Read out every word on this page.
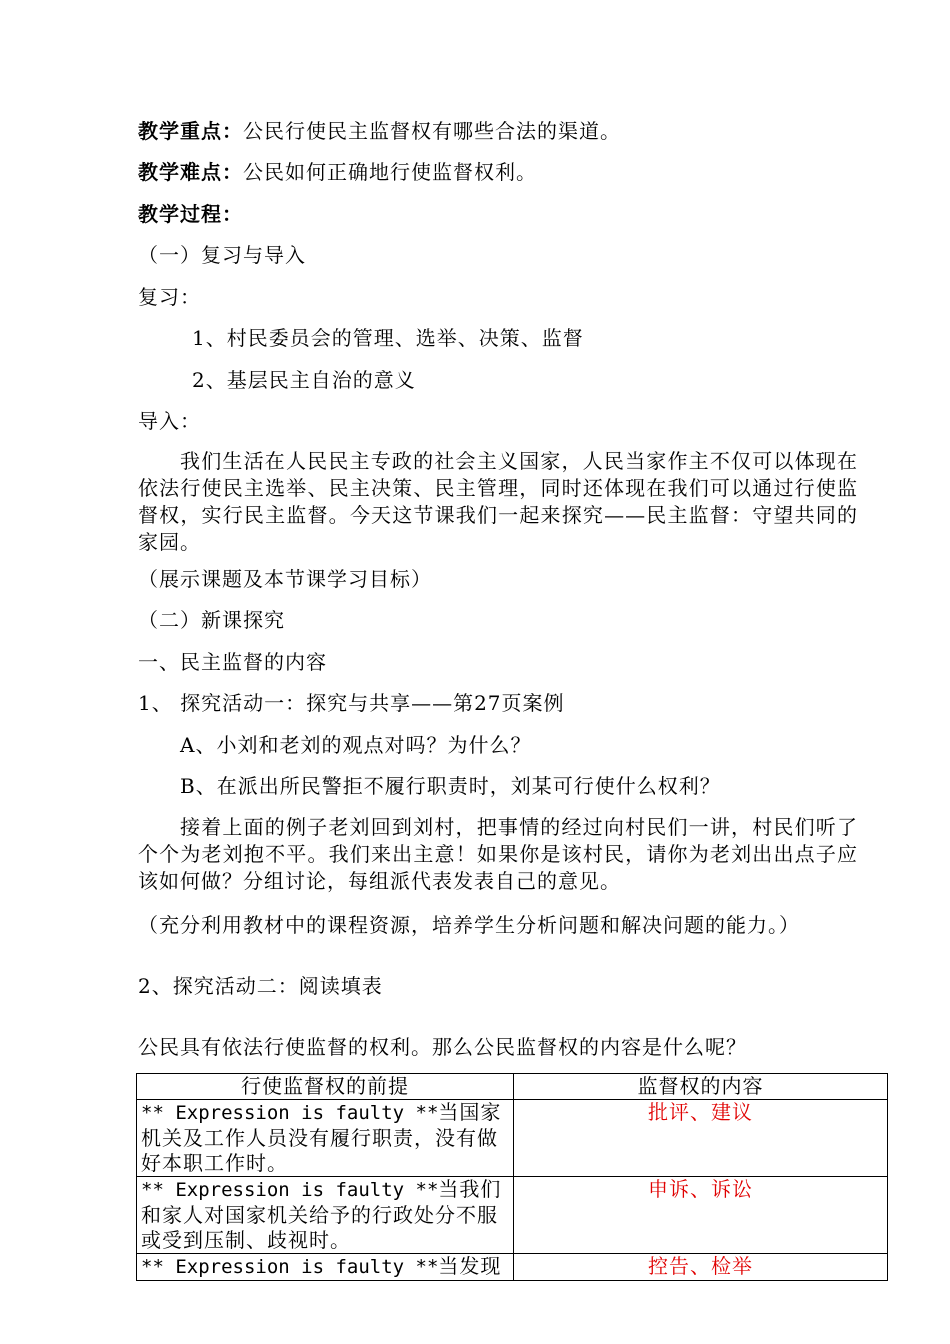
教学重点：公民行使民主监督权有哪些合法的渠道。
教学难点：公民如何正确地行使监督权利。
教学过程：
（一）复习与导入
复习：
1、村民委员会的管理、选举、决策、监督
2、基层民主自治的意义
导入：
我们生活在人民民主专政的社会主义国家，人民当家作主不仅可以体现在依法行使民主选举、民主决策、民主管理，同时还体现在我们可以通过行使监督权，实行民主监督。今天这节课我们一起来探究——民主监督：守望共同的家园。
（展示课题及本节课学习目标）
（二）新课探究
一、民主监督的内容
1、 探究活动一：探究与共享——第27页案例
A、小刘和老刘的观点对吗？为什么？
B、在派出所民警拒不履行职责时，刘某可行使什么权利？
接着上面的例子老刘回到刘村，把事情的经过向村民们一讲，村民们听了个个为老刘抱不平。我们来出主意！如果你是该村民，请你为老刘出出点子应该如何做？分组讨论，每组派代表发表自己的意见。
（充分利用教材中的课程资源，培养学生分析问题和解决问题的能力。）
2、探究活动二：阅读填表
公民具有依法行使监督的权利。那么公民监督权的内容是什么呢？
行使监督权的前提	监督权的内容
** Expression is faulty **当国家机关及工作人员没有履行职责，没有做好本职工作时。	批评、建议
** Expression is faulty **当我们和家人对国家机关给予的行政处分不服或受到压制、歧视时。	申诉、诉讼
** Expression is faulty **当发现	控告、检举
